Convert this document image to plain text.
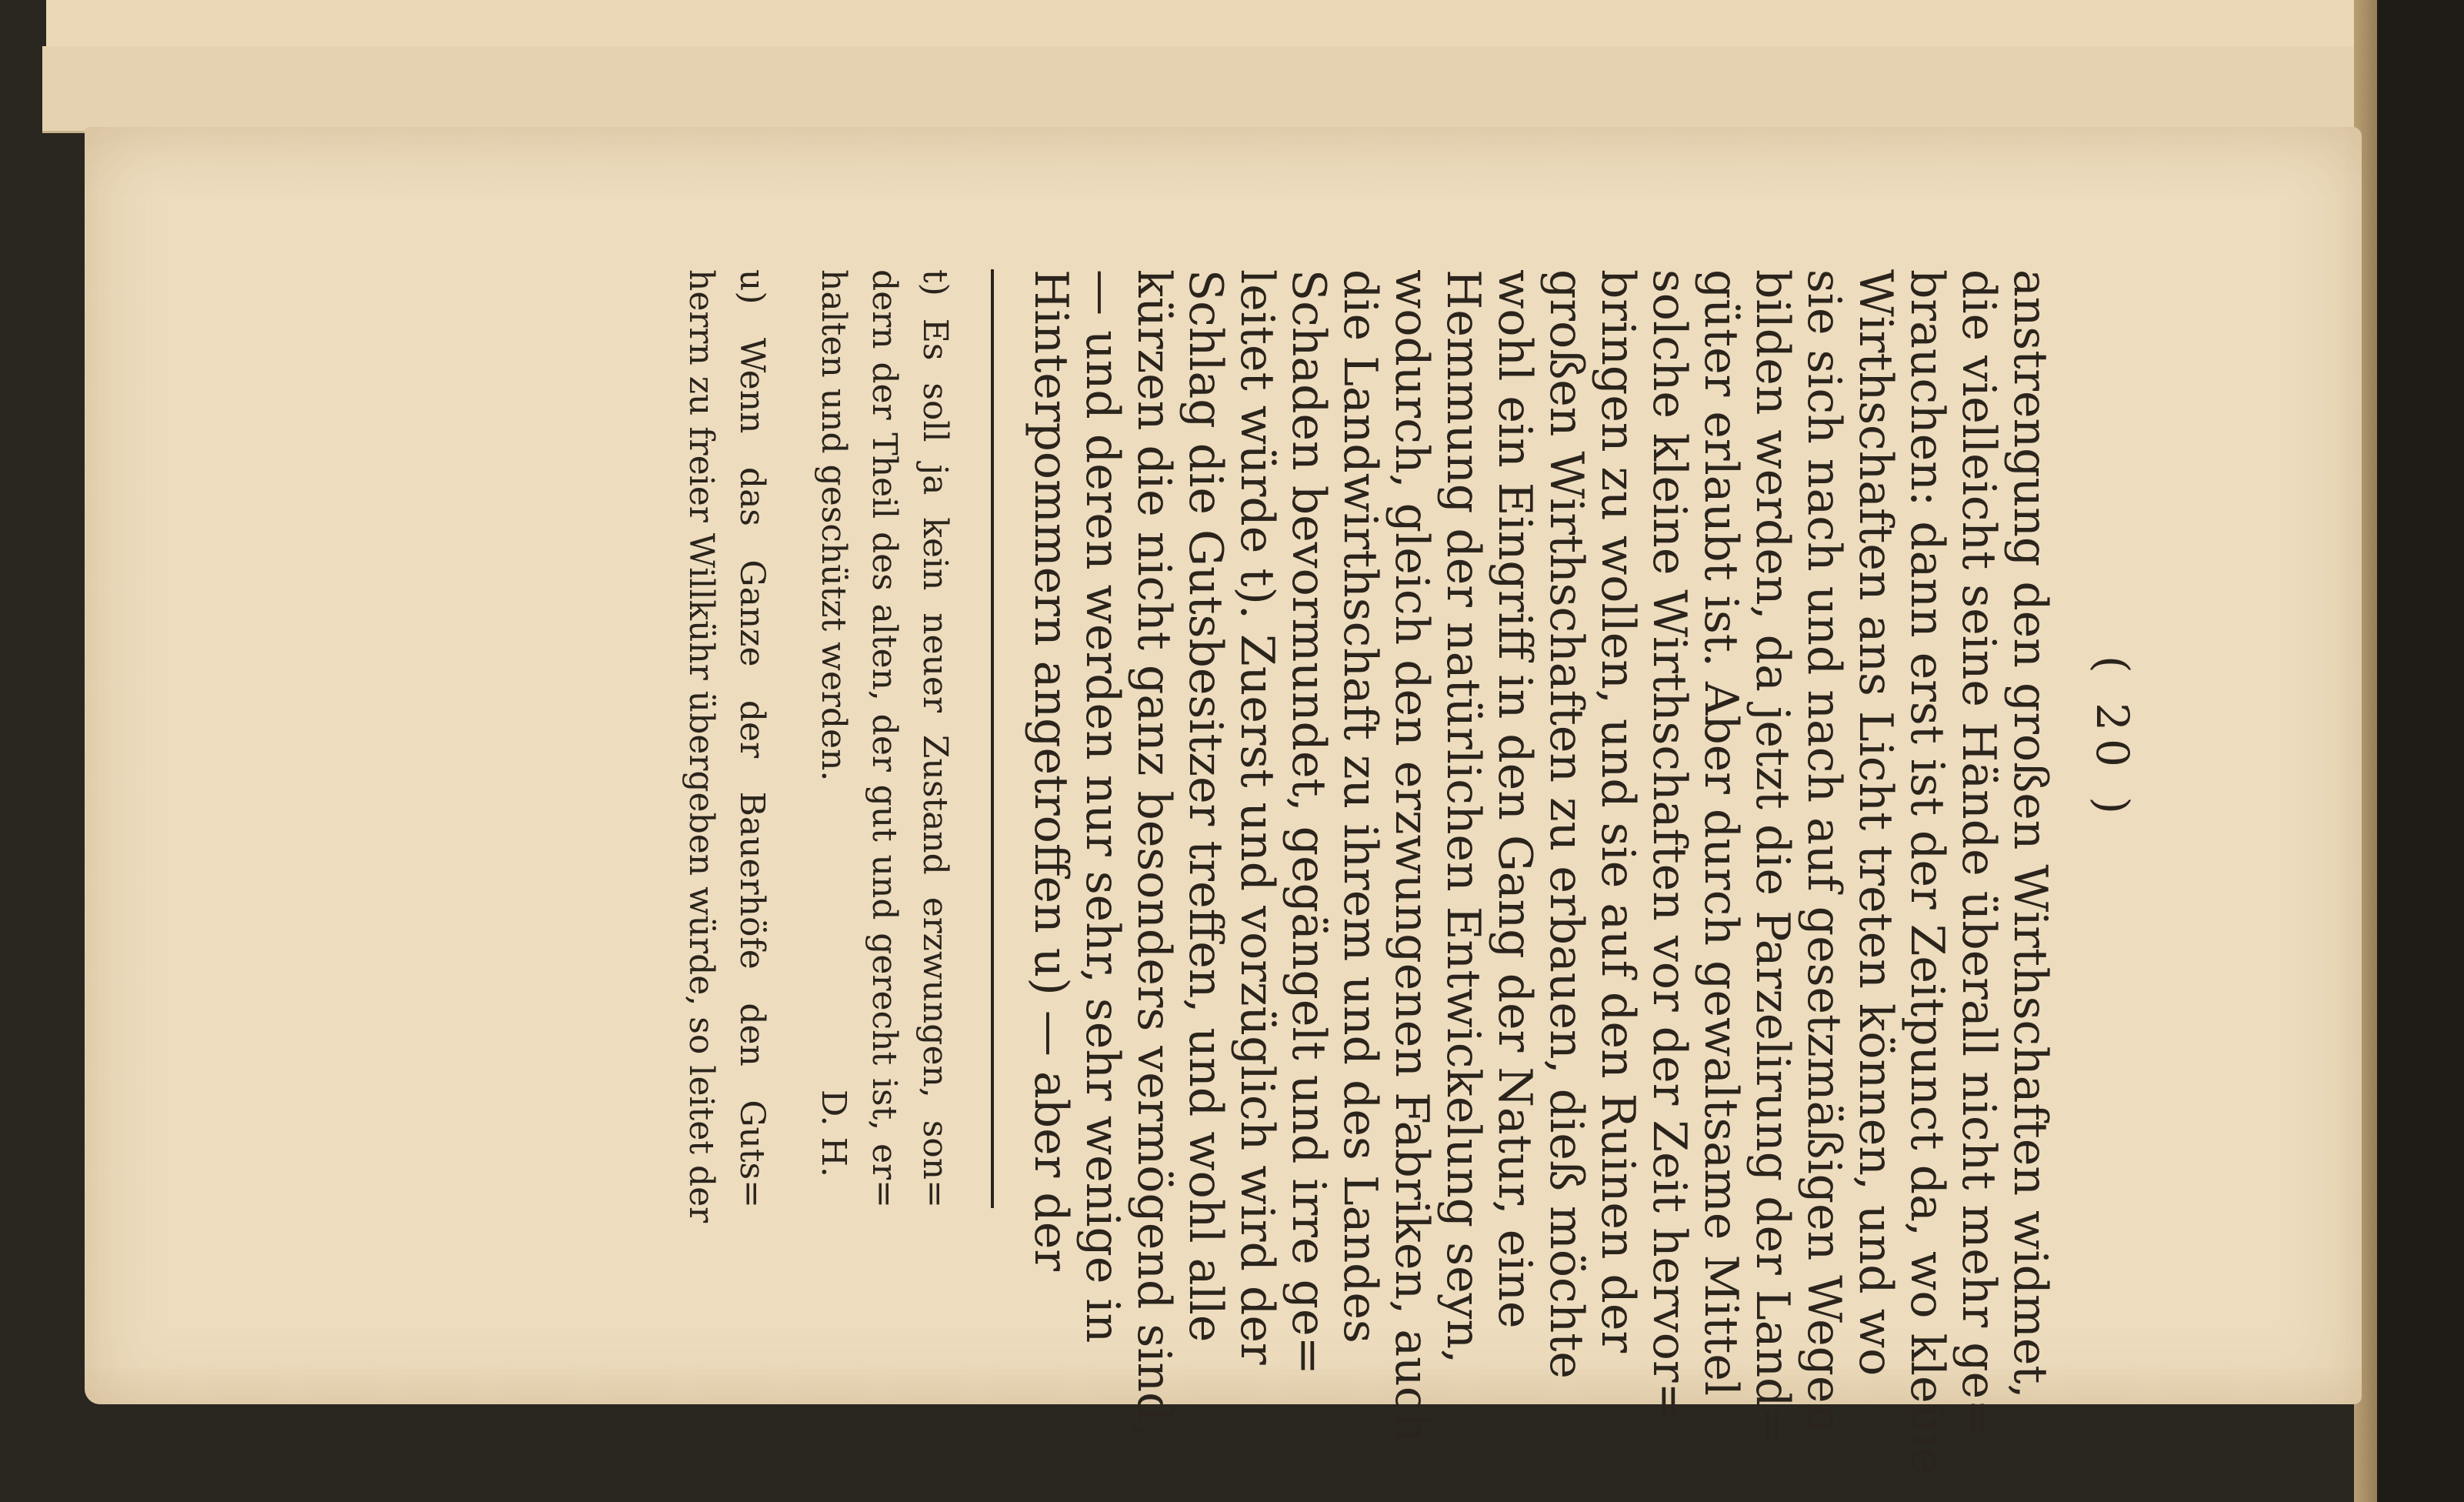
( 20 )
anstrengung den großen Wirthschaften widmet,
die vielleicht seine Hände überall nicht mehr ge=
brauchen: dann erst ist der Zeitpunct da, wo kleine
Wirthschaften ans Licht treten können, und wo
sie sich nach und nach auf gesetzmäßigen Wegen
bilden werden, da jetzt die Parzelirung der Land=
güter erlaubt ist. Aber durch gewaltsame Mittel
solche kleine Wirthschaften vor der Zeit hervor=
bringen zu wollen, und sie auf den Ruinen der
großen Wirthschaften zu erbauen, dieß möchte
wohl ein Eingriff in den Gang der Natur, eine
Hemmung der natürlichen Entwickelung seyn,
wodurch, gleich den erzwungenen Fabriken, auch
die Landwirthschaft zu ihrem und des Landes
Schaden bevormundet, gegängelt und irre ge=
leitet würde t). Zuerst und vorzüglich wird der
Schlag die Gutsbesitzer treffen, und wohl alle
kürzen die nicht ganz besonders vermögend sind,
— und deren werden nur sehr, sehr wenige in
Hinterpommern angetroffen u) — aber der
t) Es soll ja kein neuer Zustand erzwungen, son=
dern der Theil des alten, der gut und gerecht ist, er=
halten und geschützt werden.
D. H.
u) Wenn das Ganze der Bauerhöfe den Guts=
herrn zu freier Willkühr übergeben würde, so leitet der
